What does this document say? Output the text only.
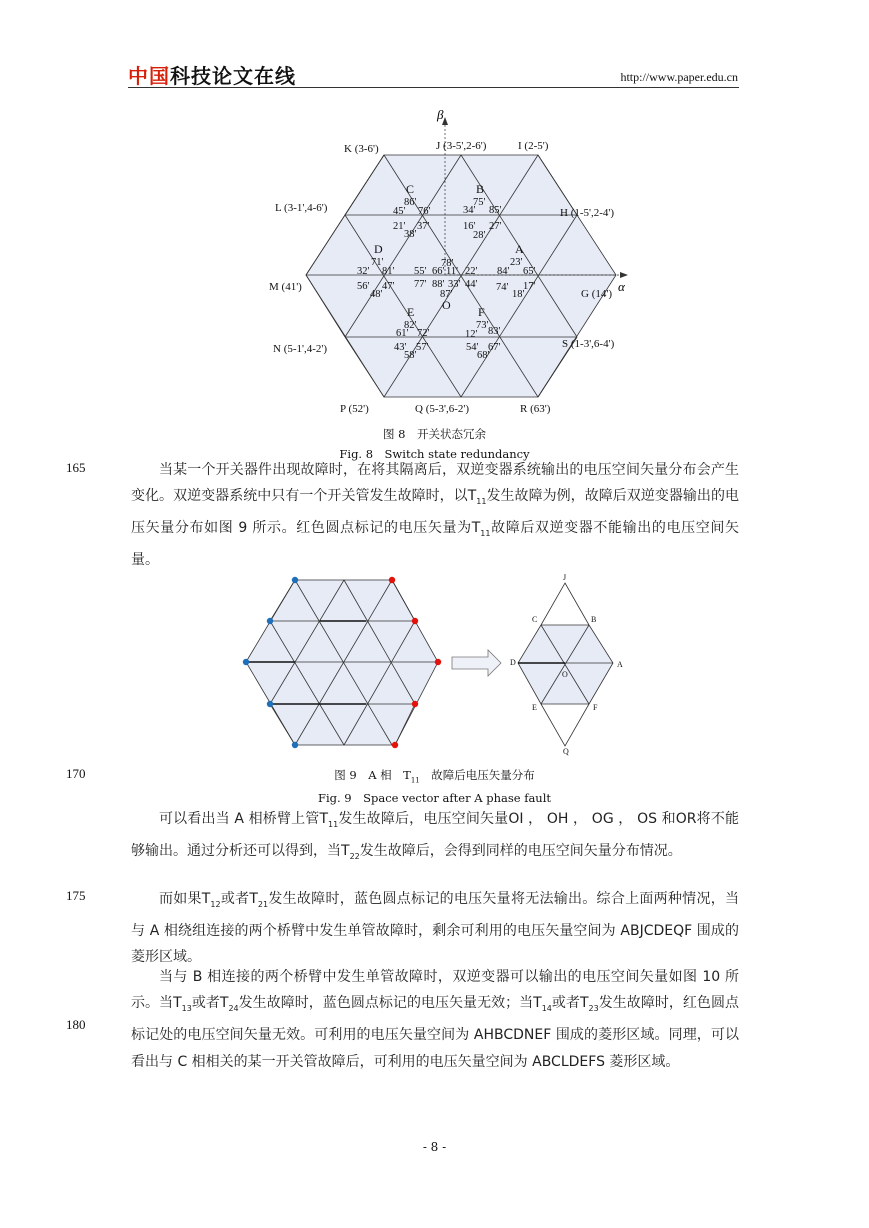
中国科技论文在线	http://www.paper.edu.cn
β
α
K (3-6')	J (3-5',2-6')	I (2-5')
L (3-1',4-6')	H (1-5',2-4')
M (41')
G (14')
N (5-1',4-2')	S (1-3',6-4')
P (52')	Q (5-3',6-2')	R (63')
C	B
D	A
E	F
O
86'
45' 76'
21' 37'
38'
75'
34' 85'
16' 27'
28'
71'
32' 81'
56' 47'
48'
78'
55' 66' 11' 22'
77' 88' 33' 44'
87'
23'
84' 65'
74' 17'
18'
82'
61' 72'
43' 57'
58'
73'
12' 83'
54' 67'
68'
图 8　开关状态冗余
Fig. 8　Switch state redundancy
165
170
175
180

当某一个开关器件出现故障时，在将其隔离后，双逆变器系统输出的电压空间矢量分布会产生变化。双逆变器系统中只有一个开关管发生故障时，以$T_{11}$发生故障为例，故障后双逆变器输出的电压矢量分布如图 9 所示。红色圆点标记的电压矢量为$T_{11}$故障后双逆变器不能输出的电压空间矢量。

J
C	B
D	A
O
E	F
Q
图 9　A 相　$T_{11}$　故障后电压矢量分布
Fig. 9　Space vector after A phase fault

可以看出当 A 相桥臂上管$T_{11}$发生故障后，电压空间矢量OI ， OH ， OG ， OS 和OR将不能够输出。通过分析还可以得到，当$T_{22}$发生故障后，会得到同样的电压空间矢量分布情况。

而如果$T_{12}$或者$T_{21}$发生故障时，蓝色圆点标记的电压矢量将无法输出。综合上面两种情况，当与 A 相绕组连接的两个桥臂中发生单管故障时，剩余可利用的电压矢量空间为 ABJCDEQF 围成的菱形区域。

当与 B 相连接的两个桥臂中发生单管故障时，双逆变器可以输出的电压空间矢量如图 10 所示。当$T_{13}$或者$T_{24}$发生故障时，蓝色圆点标记的电压矢量无效；当$T_{14}$或者$T_{23}$发生故障时，红色圆点标记处的电压空间矢量无效。可利用的电压矢量空间为 AHBCDNEF 围成的菱形区域。同理，可以看出与 C 相相关的某一开关管故障后，可利用的电压矢量空间为 ABCLDEFS 菱形区域。

- 8 -
